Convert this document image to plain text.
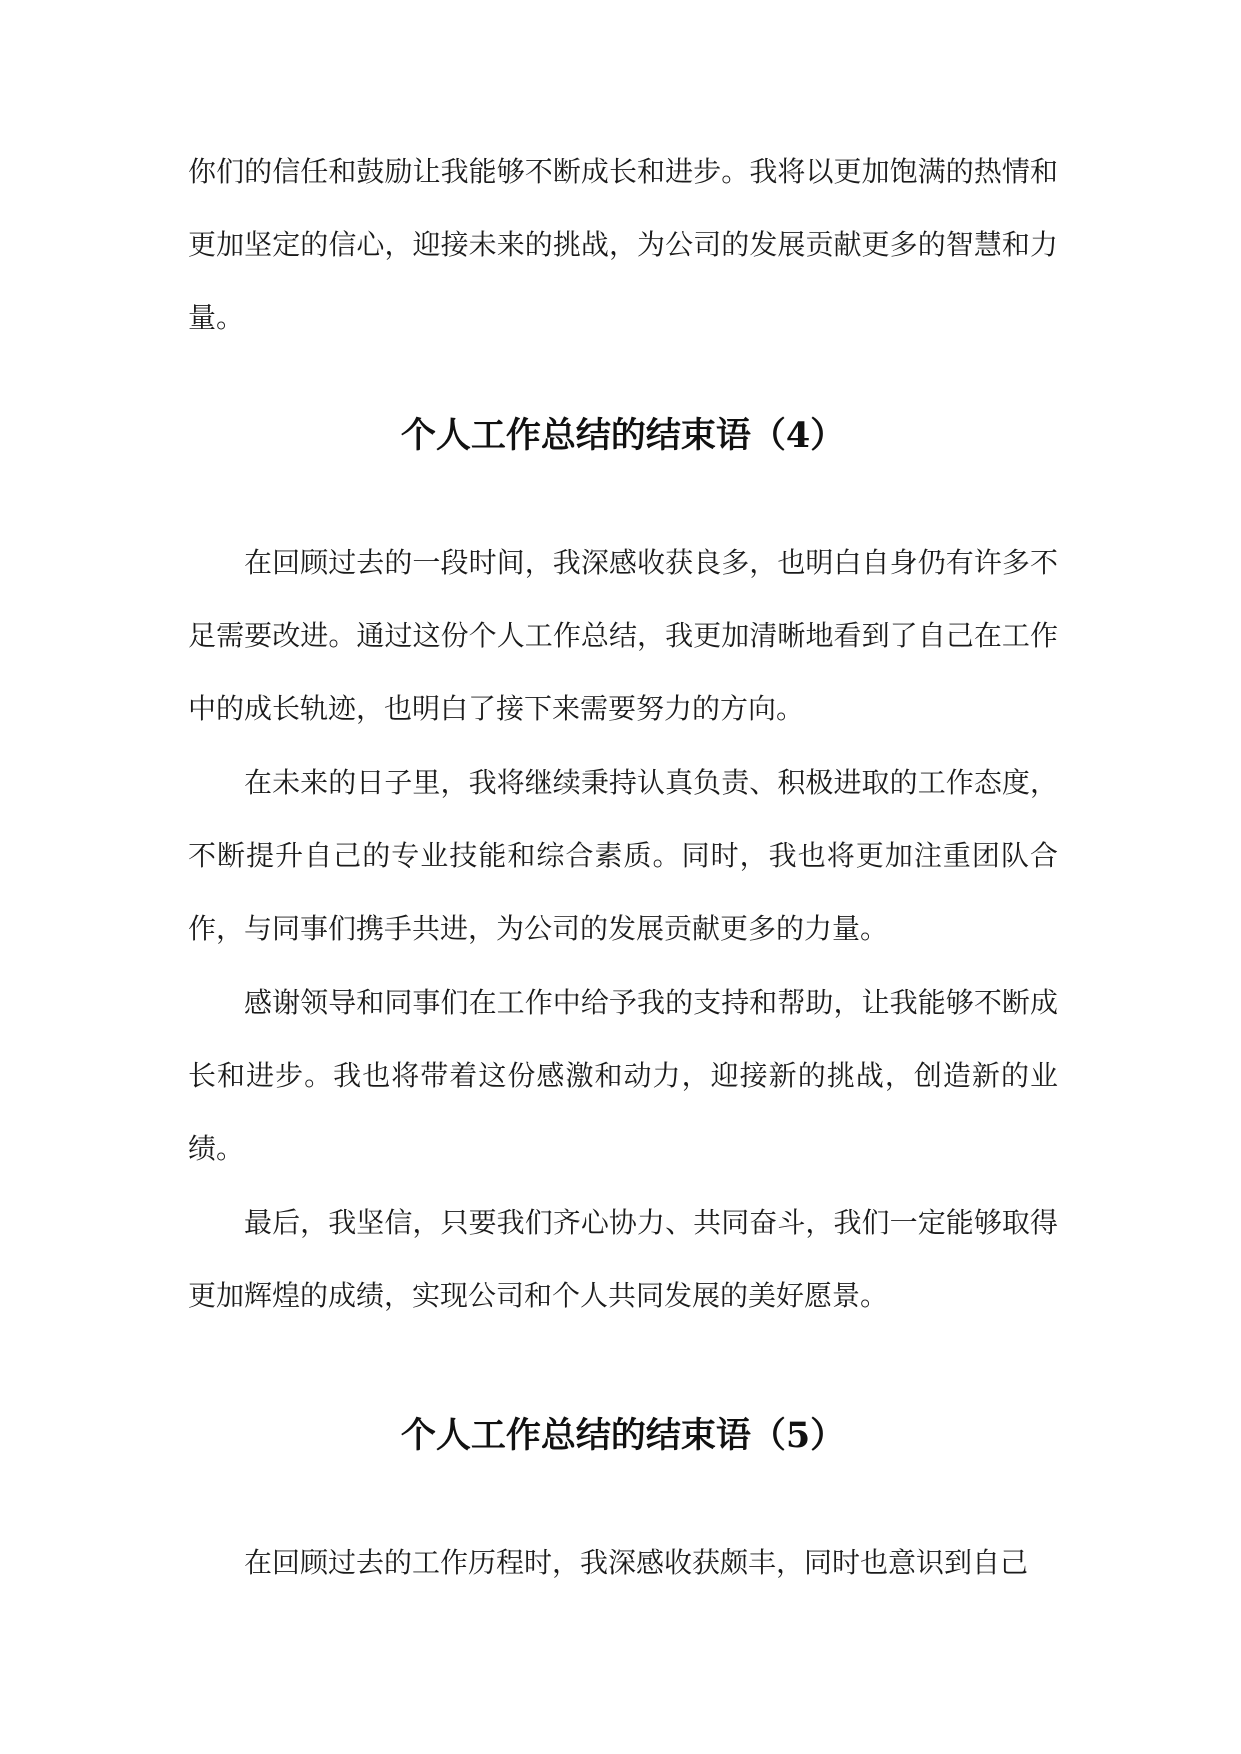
你们的信任和鼓励让我能够不断成长和进步。我将以更加饱满的热情和更加坚定的信心，迎接未来的挑战，为公司的发展贡献更多的智慧和力量。

个人工作总结的结束语（4）

在回顾过去的一段时间，我深感收获良多，也明白自身仍有许多不足需要改进。通过这份个人工作总结，我更加清晰地看到了自己在工作中的成长轨迹，也明白了接下来需要努力的方向。

在未来的日子里，我将继续秉持认真负责、积极进取的工作态度，不断提升自己的专业技能和综合素质。同时，我也将更加注重团队合作，与同事们携手共进，为公司的发展贡献更多的力量。

感谢领导和同事们在工作中给予我的支持和帮助，让我能够不断成长和进步。我也将带着这份感激和动力，迎接新的挑战，创造新的业绩。

最后，我坚信，只要我们齐心协力、共同奋斗，我们一定能够取得更加辉煌的成绩，实现公司和个人共同发展的美好愿景。

个人工作总结的结束语（5）

在回顾过去的工作历程时，我深感收获颇丰，同时也意识到自己
